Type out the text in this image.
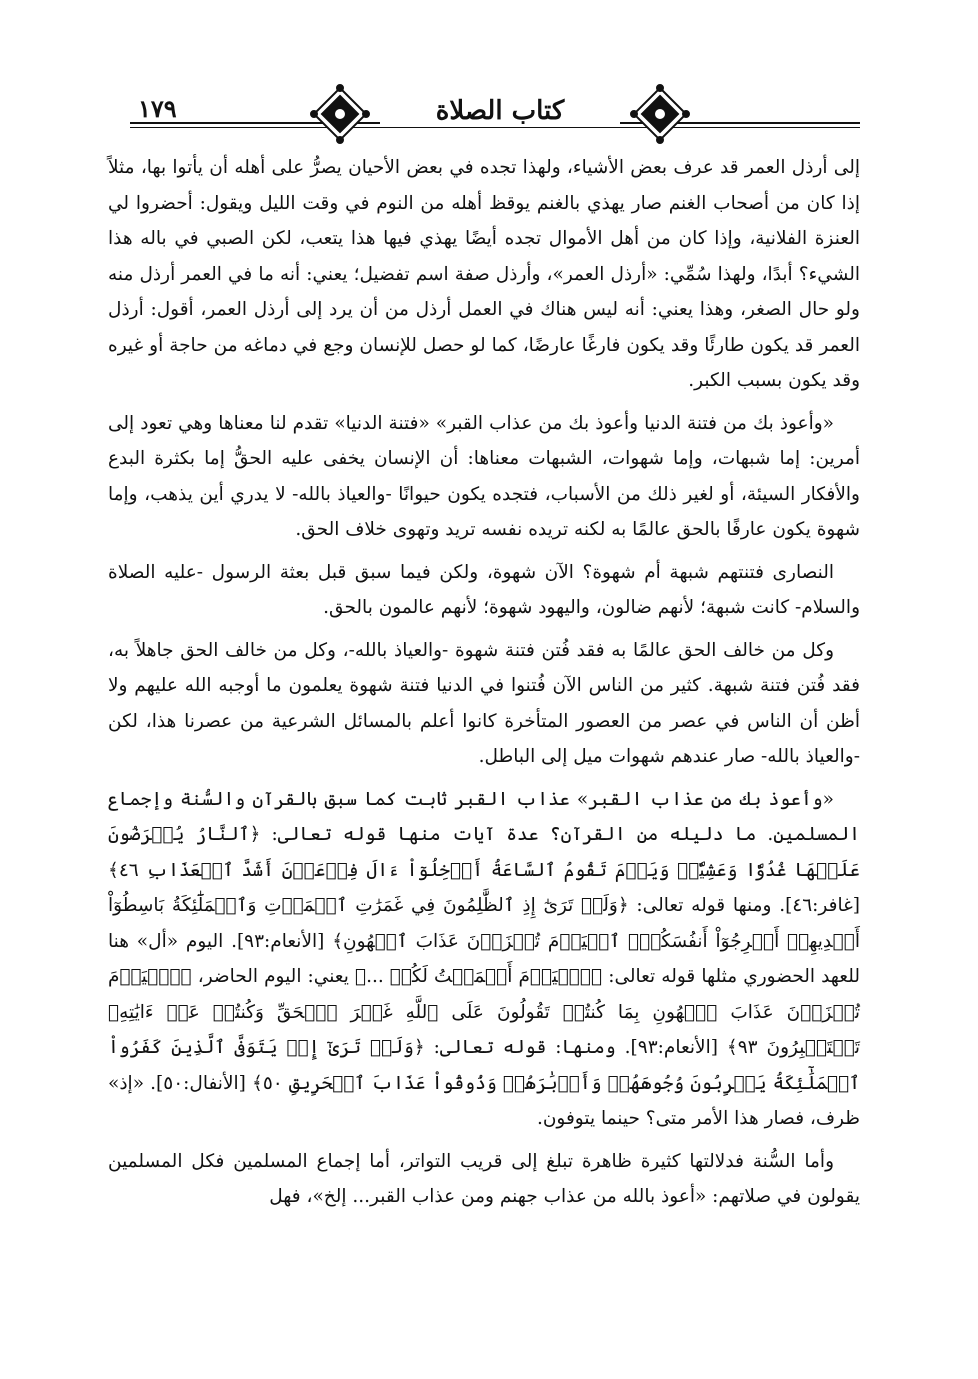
١٧٩	كتاب الصلاة

إلى أرذل العمر قد عرف بعض الأشياء، ولهذا تجده في بعض الأحيان يصرُّ على أهله أن يأتوا بها، مثلاً إذا كان من أصحاب الغنم صار يهذي بالغنم يوقظ أهله من النوم في وقت الليل ويقول: أحضروا لي العنزة الفلانية، وإذا كان من أهل الأموال تجده أيضًا يهذي فيها هذا يتعب، لكن الصبي في باله هذا الشيء؟ أبدًا، ولهذا سُمِّي: «أرذل العمر»، وأرذل صفة اسم تفضيل؛ يعني: أنه ما في العمر أرذل منه ولو حال الصغر، وهذا يعني: أنه ليس هناك في العمل أرذل من أن يرد إلى أرذل العمر، أقول: أرذل العمر قد يكون طارئًا وقد يكون فارغًا عارضًا، كما لو حصل للإنسان وجع في دماغه من حاجة أو غيره وقد يكون بسبب الكبر.

«وأعوذ بك من فتنة الدنيا وأعوذ بك من عذاب القبر» «فتنة الدنيا» تقدم لنا معناها وهي تعود إلى أمرين: إما شبهات، وإما شهوات، الشبهات معناها: أن الإنسان يخفى عليه الحقُّ إما بكثرة البدع والأفكار السيئة، أو لغير ذلك من الأسباب، فتجده يكون حيوانًا -والعياذ بالله- لا يدري أين يذهب، وإما شهوة يكون عارفًا بالحق عالمًا به لكنه تريده نفسه تريد وتهوى خلاف الحق.

النصارى فتنتهم شبهة أم شهوة؟ الآن شهوة، ولكن فيما سبق قبل بعثة الرسول -عليه الصلاة والسلام- كانت شبهة؛ لأنهم ضالون، واليهود شهوة؛ لأنهم عالمون بالحق.

وكل من خالف الحق عالمًا به فقد فُتن فتنة شهوة -والعياذ بالله-، وكل من خالف الحق جاهلاً به، فقد فُتن فتنة شبهة. كثير من الناس الآن فُتنوا في الدنيا فتنة شهوة يعلمون ما أوجبه الله عليهم ولا أظن أن الناس في عصر من العصور المتأخرة كانوا أعلم بالمسائل الشرعية من عصرنا هذا، لكن -والعياذ بالله- صار عندهم شهوات ميل إلى الباطل.

«وأعوذ بك من عذاب القبر» عذاب القبر ثابت كما سبق بالقرآن والسُّنة وإجماع المسلمين. ما دليله من القرآن؟ عدة آيات منها قوله تعالى: ﴿ٱلنَّارُ يُعۡرَضُونَ عَلَيۡهَا غُدُوّٗا وَعَشِيّٗاۚ وَيَوۡمَ تَقُومُ ٱلسَّاعَةُ أَدۡخِلُوٓاْ ءَالَ فِرۡعَوۡنَ أَشَدَّ ٱلۡعَذَابِ ٤٦﴾ [غافر:٤٦]. ومنها قوله تعالى: ﴿وَلَوۡ تَرَىٰٓ إِذِ ٱلظَّٰلِمُونَ فِي غَمَرَٰتِ ٱلۡمَوۡتِ وَٱلۡمَلَٰٓئِكَةُ بَاسِطُوٓاْ أَيۡدِيهِمۡ أَخۡرِجُوٓاْ أَنفُسَكُمُۖ ٱلۡيَوۡمَ تُجۡزَوۡنَ عَذَابَ ٱلۡهُونِ﴾ [الأنعام:٩٣]. اليوم «أل» هنا للعهد الحضوري مثلها قوله تعالى: ﴿ٱلۡيَوۡمَ أَكۡمَلۡتُ لَكُمۡ ...﴾ يعني: اليوم الحاضر، ﴿ٱلۡيَوۡمَ تُجۡزَوۡنَ عَذَابَ ٱلۡهُونِ بِمَا كُنتُمۡ تَقُولُونَ عَلَى ٱللَّهِ غَيۡرَ ٱلۡحَقِّ وَكُنتُمۡ عَنۡ ءَايَٰتِهِۦ تَسۡتَكۡبِرُونَ ٩٣﴾ [الأنعام:٩٣]. ومنها: قوله تعالى: ﴿وَلَوۡ تَرَىٰٓ إِذۡ يَتَوَفَّى ٱلَّذِينَ كَفَرُواْ ٱلۡمَلَٰٓئِكَةُ يَضۡرِبُونَ وُجُوهَهُمۡ وَأَدۡبَٰرَهُمۡ وَذُوقُواْ عَذَابَ ٱلۡحَرِيقِ ٥٠﴾ [الأنفال:٥٠]. «إذ» ظرف، فصار هذا الأمر متى؟ حينما يتوفون.

وأما السُّنة فدلالتها كثيرة ظاهرة تبلغ إلى قريب التواتر، أما إجماع المسلمين فكل المسلمين يقولون في صلاتهم: «أعوذ بالله من عذاب جهنم ومن عذاب القبر... إلخ»، فهل
